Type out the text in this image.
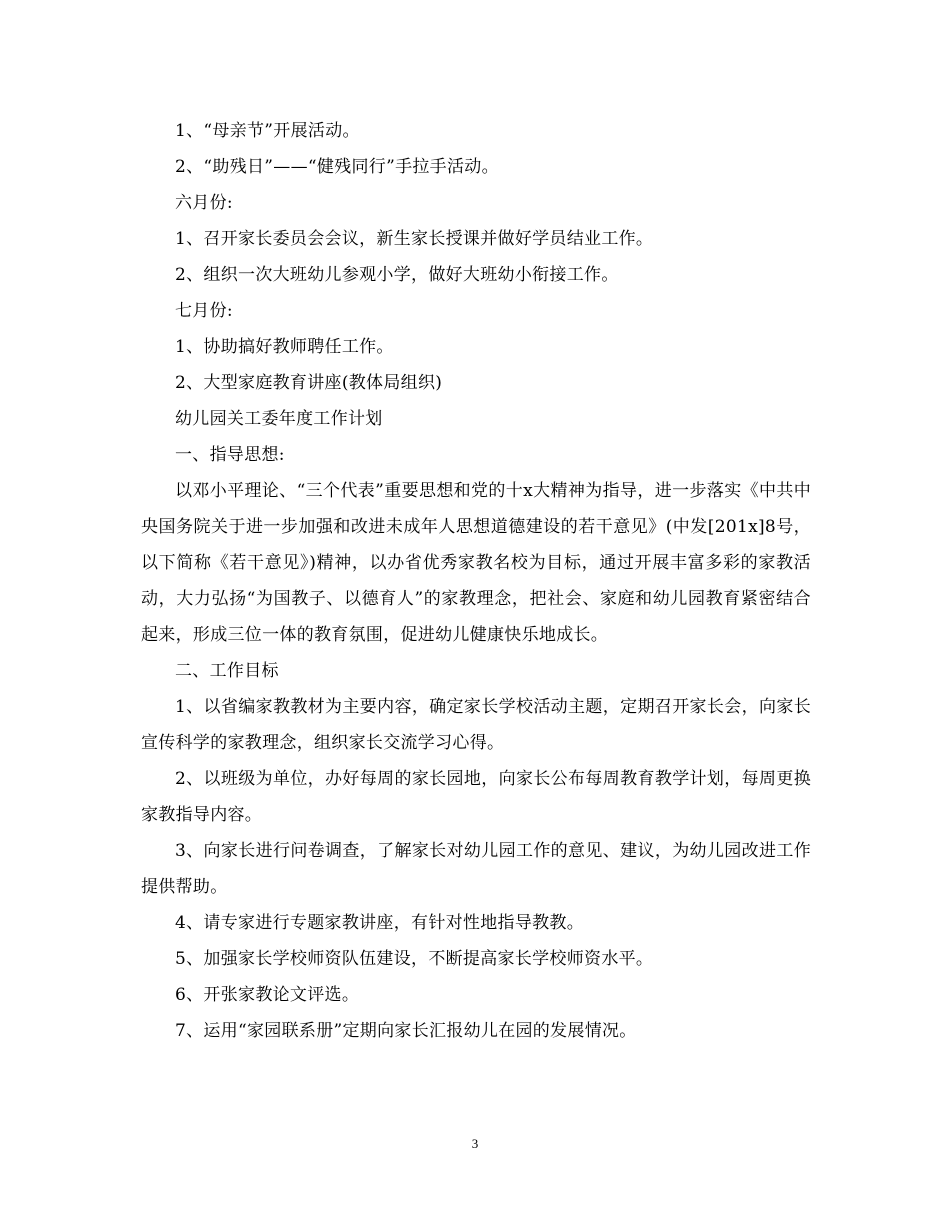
1、“母亲节”开展活动。

2、“助残日”——“健残同行”手拉手活动。

六月份:

1、召开家长委员会会议，新生家长授课并做好学员结业工作。

2、组织一次大班幼儿参观小学，做好大班幼小衔接工作。

七月份:

1、协助搞好教师聘任工作。

2、大型家庭教育讲座(教体局组织)

幼儿园关工委年度工作计划

一、指导思想:

以邓小平理论、“三个代表”重要思想和党的十x大精神为指导，进一步落实《中共中央国务院关于进一步加强和改进未成年人思想道德建设的若干意见》(中发[201x]8号，以下简称《若干意见》)精神，以办省优秀家教名校为目标，通过开展丰富多彩的家教活动，大力弘扬“为国教子、以德育人”的家教理念，把社会、家庭和幼儿园教育紧密结合起来，形成三位一体的教育氛围，促进幼儿健康快乐地成长。

二、工作目标

1、以省编家教教材为主要内容，确定家长学校活动主题，定期召开家长会，向家长宣传科学的家教理念，组织家长交流学习心得。

2、以班级为单位，办好每周的家长园地，向家长公布每周教育教学计划，每周更换家教指导内容。

3、向家长进行问卷调查，了解家长对幼儿园工作的意见、建议，为幼儿园改进工作提供帮助。

4、请专家进行专题家教讲座，有针对性地指导教教。

5、加强家长学校师资队伍建设，不断提高家长学校师资水平。

6、开张家教论文评选。

7、运用“家园联系册”定期向家长汇报幼儿在园的发展情况。

3
